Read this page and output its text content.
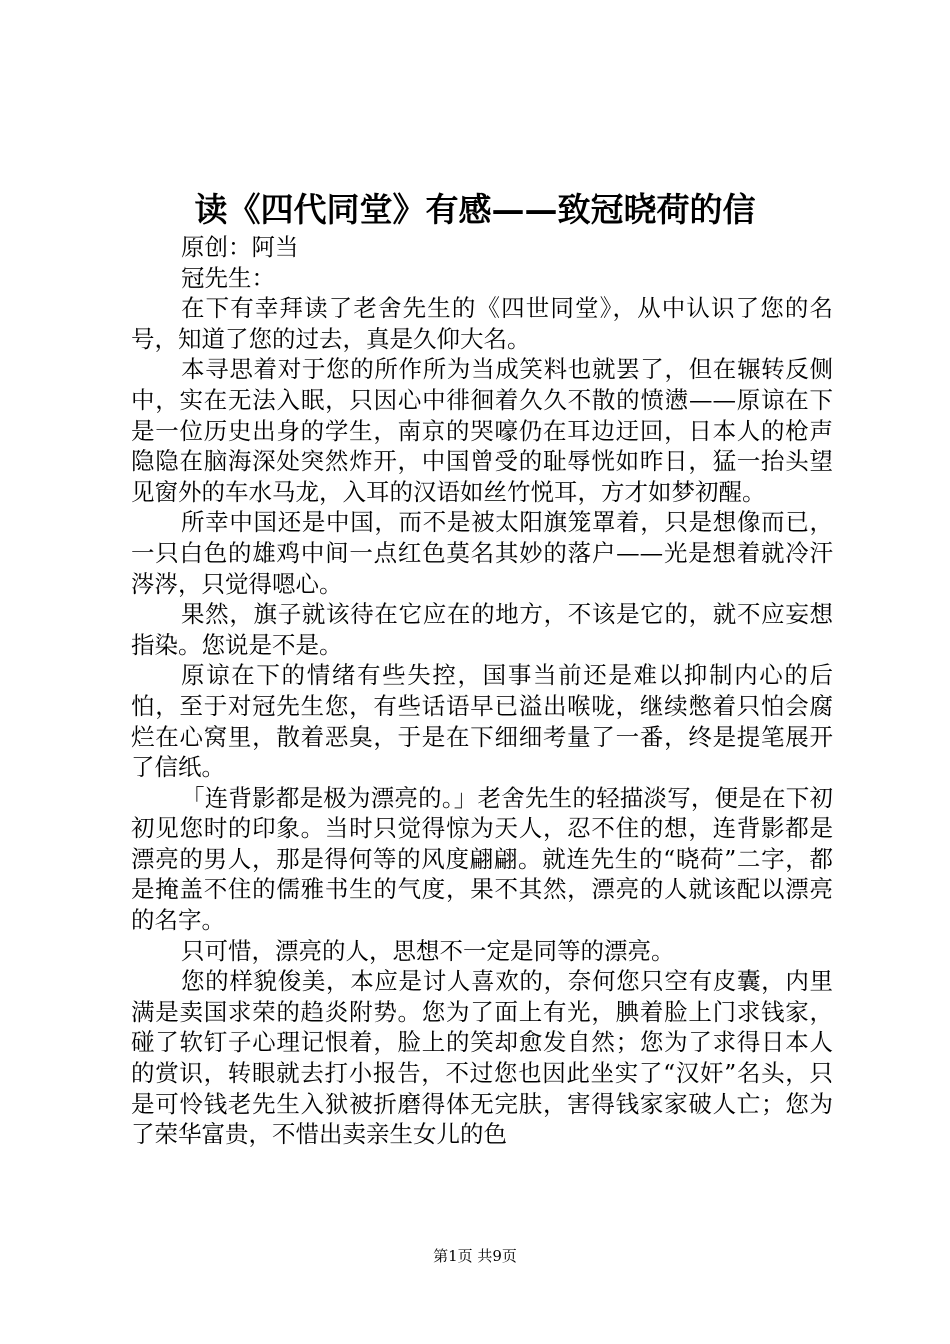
读《四代同堂》有感——致冠晓荷的信

原创：阿当

冠先生：

在下有幸拜读了老舍先生的《四世同堂》，从中认识了您的名号，知道了您的过去，真是久仰大名。

本寻思着对于您的所作所为当成笑料也就罢了，但在辗转反侧中，实在无法入眠，只因心中徘徊着久久不散的愤懑——原谅在下是一位历史出身的学生，南京的哭嚎仍在耳边迂回，日本人的枪声隐隐在脑海深处突然炸开，中国曾受的耻辱恍如昨日，猛一抬头望见窗外的车水马龙，入耳的汉语如丝竹悦耳，方才如梦初醒。

所幸中国还是中国，而不是被太阳旗笼罩着，只是想像而已，一只白色的雄鸡中间一点红色莫名其妙的落户——光是想着就冷汗涔涔，只觉得嗯心。

果然，旗子就该待在它应在的地方，不该是它的，就不应妄想指染。您说是不是。

原谅在下的情绪有些失控，国事当前还是难以抑制内心的后怕，至于对冠先生您，有些话语早已溢出喉咙，继续憋着只怕会腐烂在心窝里，散着恶臭，于是在下细细考量了一番，终是提笔展开了信纸。

「连背影都是极为漂亮的。」老舍先生的轻描淡写，便是在下初初见您时的印象。当时只觉得惊为天人，忍不住的想，连背影都是漂亮的男人，那是得何等的风度翩翩。就连先生的“晓荷”二字，都是掩盖不住的儒雅书生的气度，果不其然，漂亮的人就该配以漂亮的名字。

只可惜，漂亮的人，思想不一定是同等的漂亮。

您的样貌俊美，本应是讨人喜欢的，奈何您只空有皮囊，内里满是卖国求荣的趋炎附势。您为了面上有光，腆着脸上门求钱家，碰了软钉子心理记恨着，脸上的笑却愈发自然；您为了求得日本人的赏识，转眼就去打小报告，不过您也因此坐实了“汉奸”名头，只是可怜钱老先生入狱被折磨得体无完肤，害得钱家家破人亡；您为了荣华富贵，不惜出卖亲生女儿的色

第1页 共9页
